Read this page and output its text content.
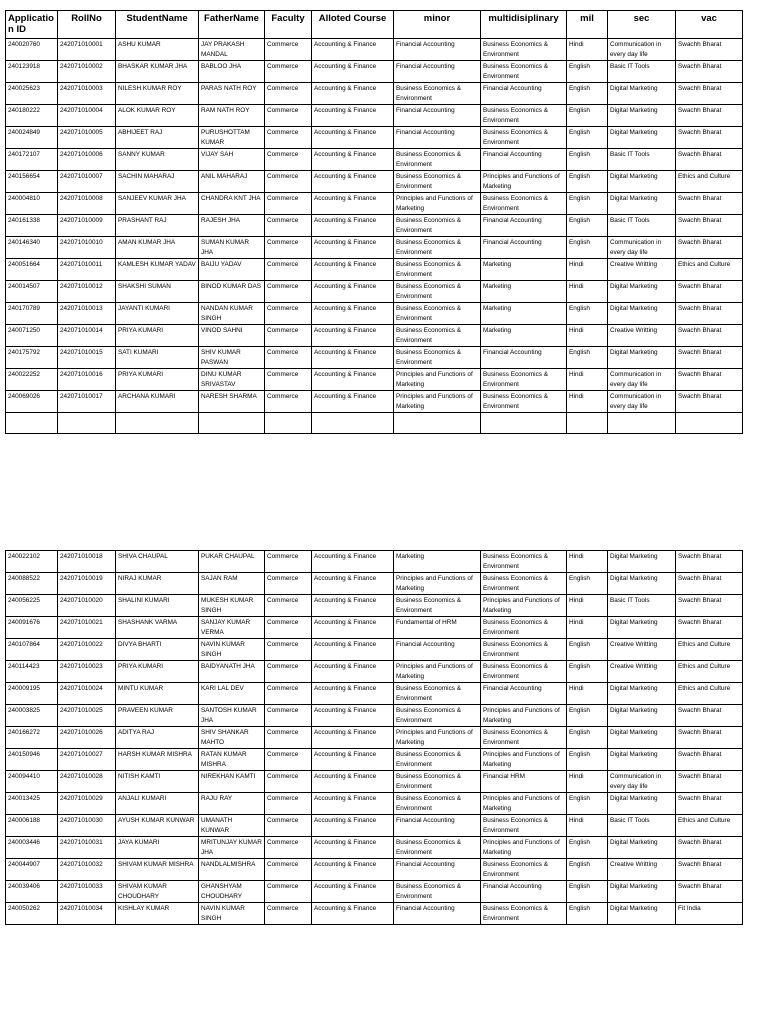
Application ID	RollNo	StudentName	FatherName	Faculty	Alloted Course	minor	multidisiplinary	mil	sec	vac
240020760	242071010001	ASHU KUMAR	JAY PRAKASH MANDAL	Commerce	Accounting & Finance	Financial Accounting	Business Economics & Environment	Hindi	Communication in every day life	Swachh Bharat
240123918	242071010002	BHASKAR KUMAR JHA	BABLOO JHA	Commerce	Accounting & Finance	Financial Accounting	Business Economics & Environment	English	Basic IT Tools	Swachh Bharat
240025623	242071010003	NILESH KUMAR ROY	PARAS NATH ROY	Commerce	Accounting & Finance	Business Economics & Environment	Financial Accounting	English	Digital Marketing	Swachh Bharat
240180222	242071010004	ALOK KUMAR ROY	RAM NATH ROY	Commerce	Accounting & Finance	Financial Accounting	Business Economics & Environment	English	Digital Marketing	Swachh Bharat
240024849	242071010005	ABHIJEET RAJ	PURUSHOTTAM KUMAR	Commerce	Accounting & Finance	Financial Accounting	Business Economics & Environment	English	Digital Marketing	Swachh Bharat
240172107	242071010006	SANNY KUMAR	VIJAY SAH	Commerce	Accounting & Finance	Business Economics & Environment	Financial Accounting	English	Basic IT Tools	Swachh Bharat
240156654	242071010007	SACHIN MAHARAJ	ANIL MAHARAJ	Commerce	Accounting & Finance	Business Economics & Environment	Principles and Functions of Marketing	English	Digital Marketing	Ethics and Culture
240004810	242071010008	SANJEEV KUMAR JHA	CHANDRA KNT JHA	Commerce	Accounting & Finance	Principles and Functions of Marketing	Business Economics & Environment	English	Digital Marketing	Swachh Bharat
240161338	242071010009	PRASHANT RAJ	RAJESH JHA	Commerce	Accounting & Finance	Business Economics & Environment	Financial Accounting	English	Basic IT Tools	Swachh Bharat
240146340	242071010010	AMAN KUMAR JHA	SUMAN KUMAR JHA	Commerce	Accounting & Finance	Business Economics & Environment	Financial Accounting	English	Communication in every day life	Swachh Bharat
240051664	242071010011	KAMLESH KUMAR YADAV	BAIJU YADAV	Commerce	Accounting & Finance	Business Economics & Environment	Marketing	Hindi	Creative Writting	Ethics and Culture
240014507	242071010012	SHAKSHI SUMAN	BINOD KUMAR DAS	Commerce	Accounting & Finance	Business Economics & Environment	Marketing	Hindi	Digital Marketing	Swachh Bharat
240170789	242071010013	JAYANTI KUMARI	NANDAN KUMAR SINGH	Commerce	Accounting & Finance	Business Economics & Environment	Marketing	English	Digital Marketing	Swachh Bharat
240071250	242071010014	PRIYA KUMARI	VINOD SAHNI	Commerce	Accounting & Finance	Business Economics & Environment	Marketing	Hindi	Creative Writting	Swachh Bharat
240175792	242071010015	SATI KUMARI	SHIV KUMAR PASWAN	Commerce	Accounting & Finance	Business Economics & Environment	Financial Accounting	English	Digital Marketing	Swachh Bharat
240022252	242071010016	PRIYA KUMARI	DINU KUMAR SRIVASTAV	Commerce	Accounting & Finance	Principles and Functions of Marketing	Business Economics & Environment	Hindi	Communication in every day life	Swachh Bharat
240069026	242071010017	ARCHANA KUMARI	NARESH SHARMA	Commerce	Accounting & Finance	Principles and Functions of Marketing	Business Economics & Environment	Hindi	Communication in every day life	Swachh Bharat

240022102	242071010018	SHIVA CHAUPAL	PUKAR CHAUPAL	Commerce	Accounting & Finance	Marketing	Business Economics & Environment	Hindi	Digital Marketing	Swachh Bharat
240088522	242071010019	NIRAJ KUMAR	SAJAN RAM	Commerce	Accounting & Finance	Principles and Functions of Marketing	Business Economics & Environment	English	Digital Marketing	Swachh Bharat
240056225	242071010020	SHALINI KUMARI	MUKESH KUMAR SINGH	Commerce	Accounting & Finance	Business Economics & Environment	Principles and Functions of Marketing	Hindi	Basic IT Tools	Swachh Bharat
240091676	242071010021	SHASHANK VARMA	SANJAY KUMAR VERMA	Commerce	Accounting & Finance	Fundamental of HRM	Business Economics & Environment	Hindi	Digital Marketing	Swachh Bharat
240107864	242071010022	DIVYA BHARTI	NAVIN KUMAR SINGH	Commerce	Accounting & Finance	Financial Accounting	Business Economics & Environment	English	Creative Writting	Ethics and Culture
240114423	242071010023	PRIYA KUMARI	BAIDYANATH JHA	Commerce	Accounting & Finance	Principles and Functions of Marketing	Business Economics & Environment	English	Creative Writting	Ethics and Culture
240009195	242071010024	MINTU KUMAR	KARI LAL DEV	Commerce	Accounting & Finance	Business Economics & Environment	Financial Accounting	Hindi	Digital Marketing	Ethics and Culture
240003825	242071010025	PRAVEEN KUMAR	SANTOSH KUMAR JHA	Commerce	Accounting & Finance	Business Economics & Environment	Principles and Functions of Marketing	English	Digital Marketing	Swachh Bharat
240166272	242071010026	ADITYA RAJ	SHIV SHANKAR MAHTO	Commerce	Accounting & Finance	Principles and Functions of Marketing	Business Economics & Environment	English	Digital Marketing	Swachh Bharat
240150946	242071010027	HARSH KUMAR MISHRA	RATAN KUMAR MISHRA	Commerce	Accounting & Finance	Business Economics & Environment	Principles and Functions of Marketing	English	Digital Marketing	Swachh Bharat
240094410	242071010028	NITISH KAMTI	NIREKHAN KAMTI	Commerce	Accounting & Finance	Business Economics & Environment	Financial HRM	Hindi	Communication in every day life	Swachh Bharat
240013425	242071010029	ANJALI KUMARI	RAJU RAY	Commerce	Accounting & Finance	Business Economics & Environment	Principles and Functions of Marketing	English	Digital Marketing	Swachh Bharat
240006188	242071010030	AYUSH KUMAR KUNWAR	UMANATH KUNWAR	Commerce	Accounting & Finance	Financial Accounting	Business Economics & Environment	Hindi	Basic IT Tools	Ethics and Culture
240003446	242071010031	JAYA KUMARI	MRITUNJAY KUMAR JHA	Commerce	Accounting & Finance	Business Economics & Environment	Principles and Functions of Marketing	English	Digital Marketing	Swachh Bharat
240044907	242071010032	SHIVAM KUMAR MISHRA	NANDLALMISHRA	Commerce	Accounting & Finance	Financial Accounting	Business Economics & Environment	English	Creative Writting	Swachh Bharat
240039406	242071010033	SHIVAM KUMAR CHOUDHARY	GHANSHYAM CHOUDHARY	Commerce	Accounting & Finance	Business Economics & Environment	Financial Accounting	English	Digital Marketing	Swachh Bharat
240050262	242071010034	KISHLAY KUMAR	NAVIN KUMAR SINGH	Commerce	Accounting & Finance	Financial Accounting	Business Economics & Environment	English	Digital Marketing	Fit India
